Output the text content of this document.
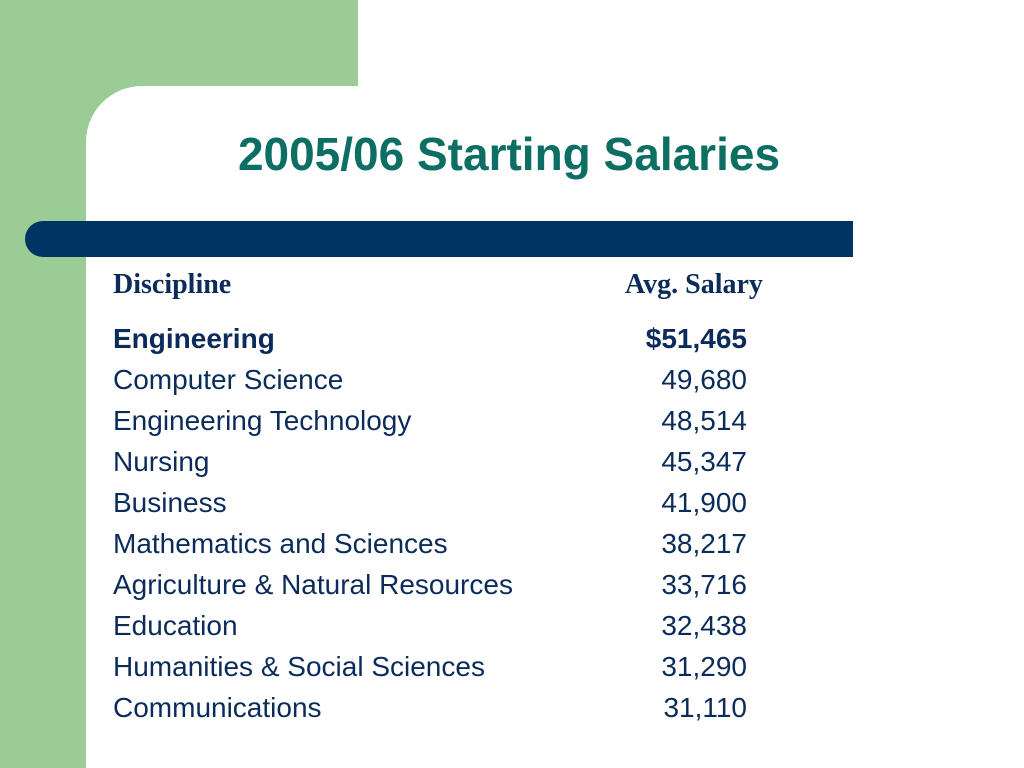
2005/06 Starting Salaries
Discipline	Avg. Salary
Engineering	$51,465
Computer Science	49,680
Engineering Technology	48,514
Nursing	45,347
Business	41,900
Mathematics and Sciences	38,217
Agriculture & Natural Resources	33,716
Education	32,438
Humanities & Social Sciences	31,290
Communications	31,110
